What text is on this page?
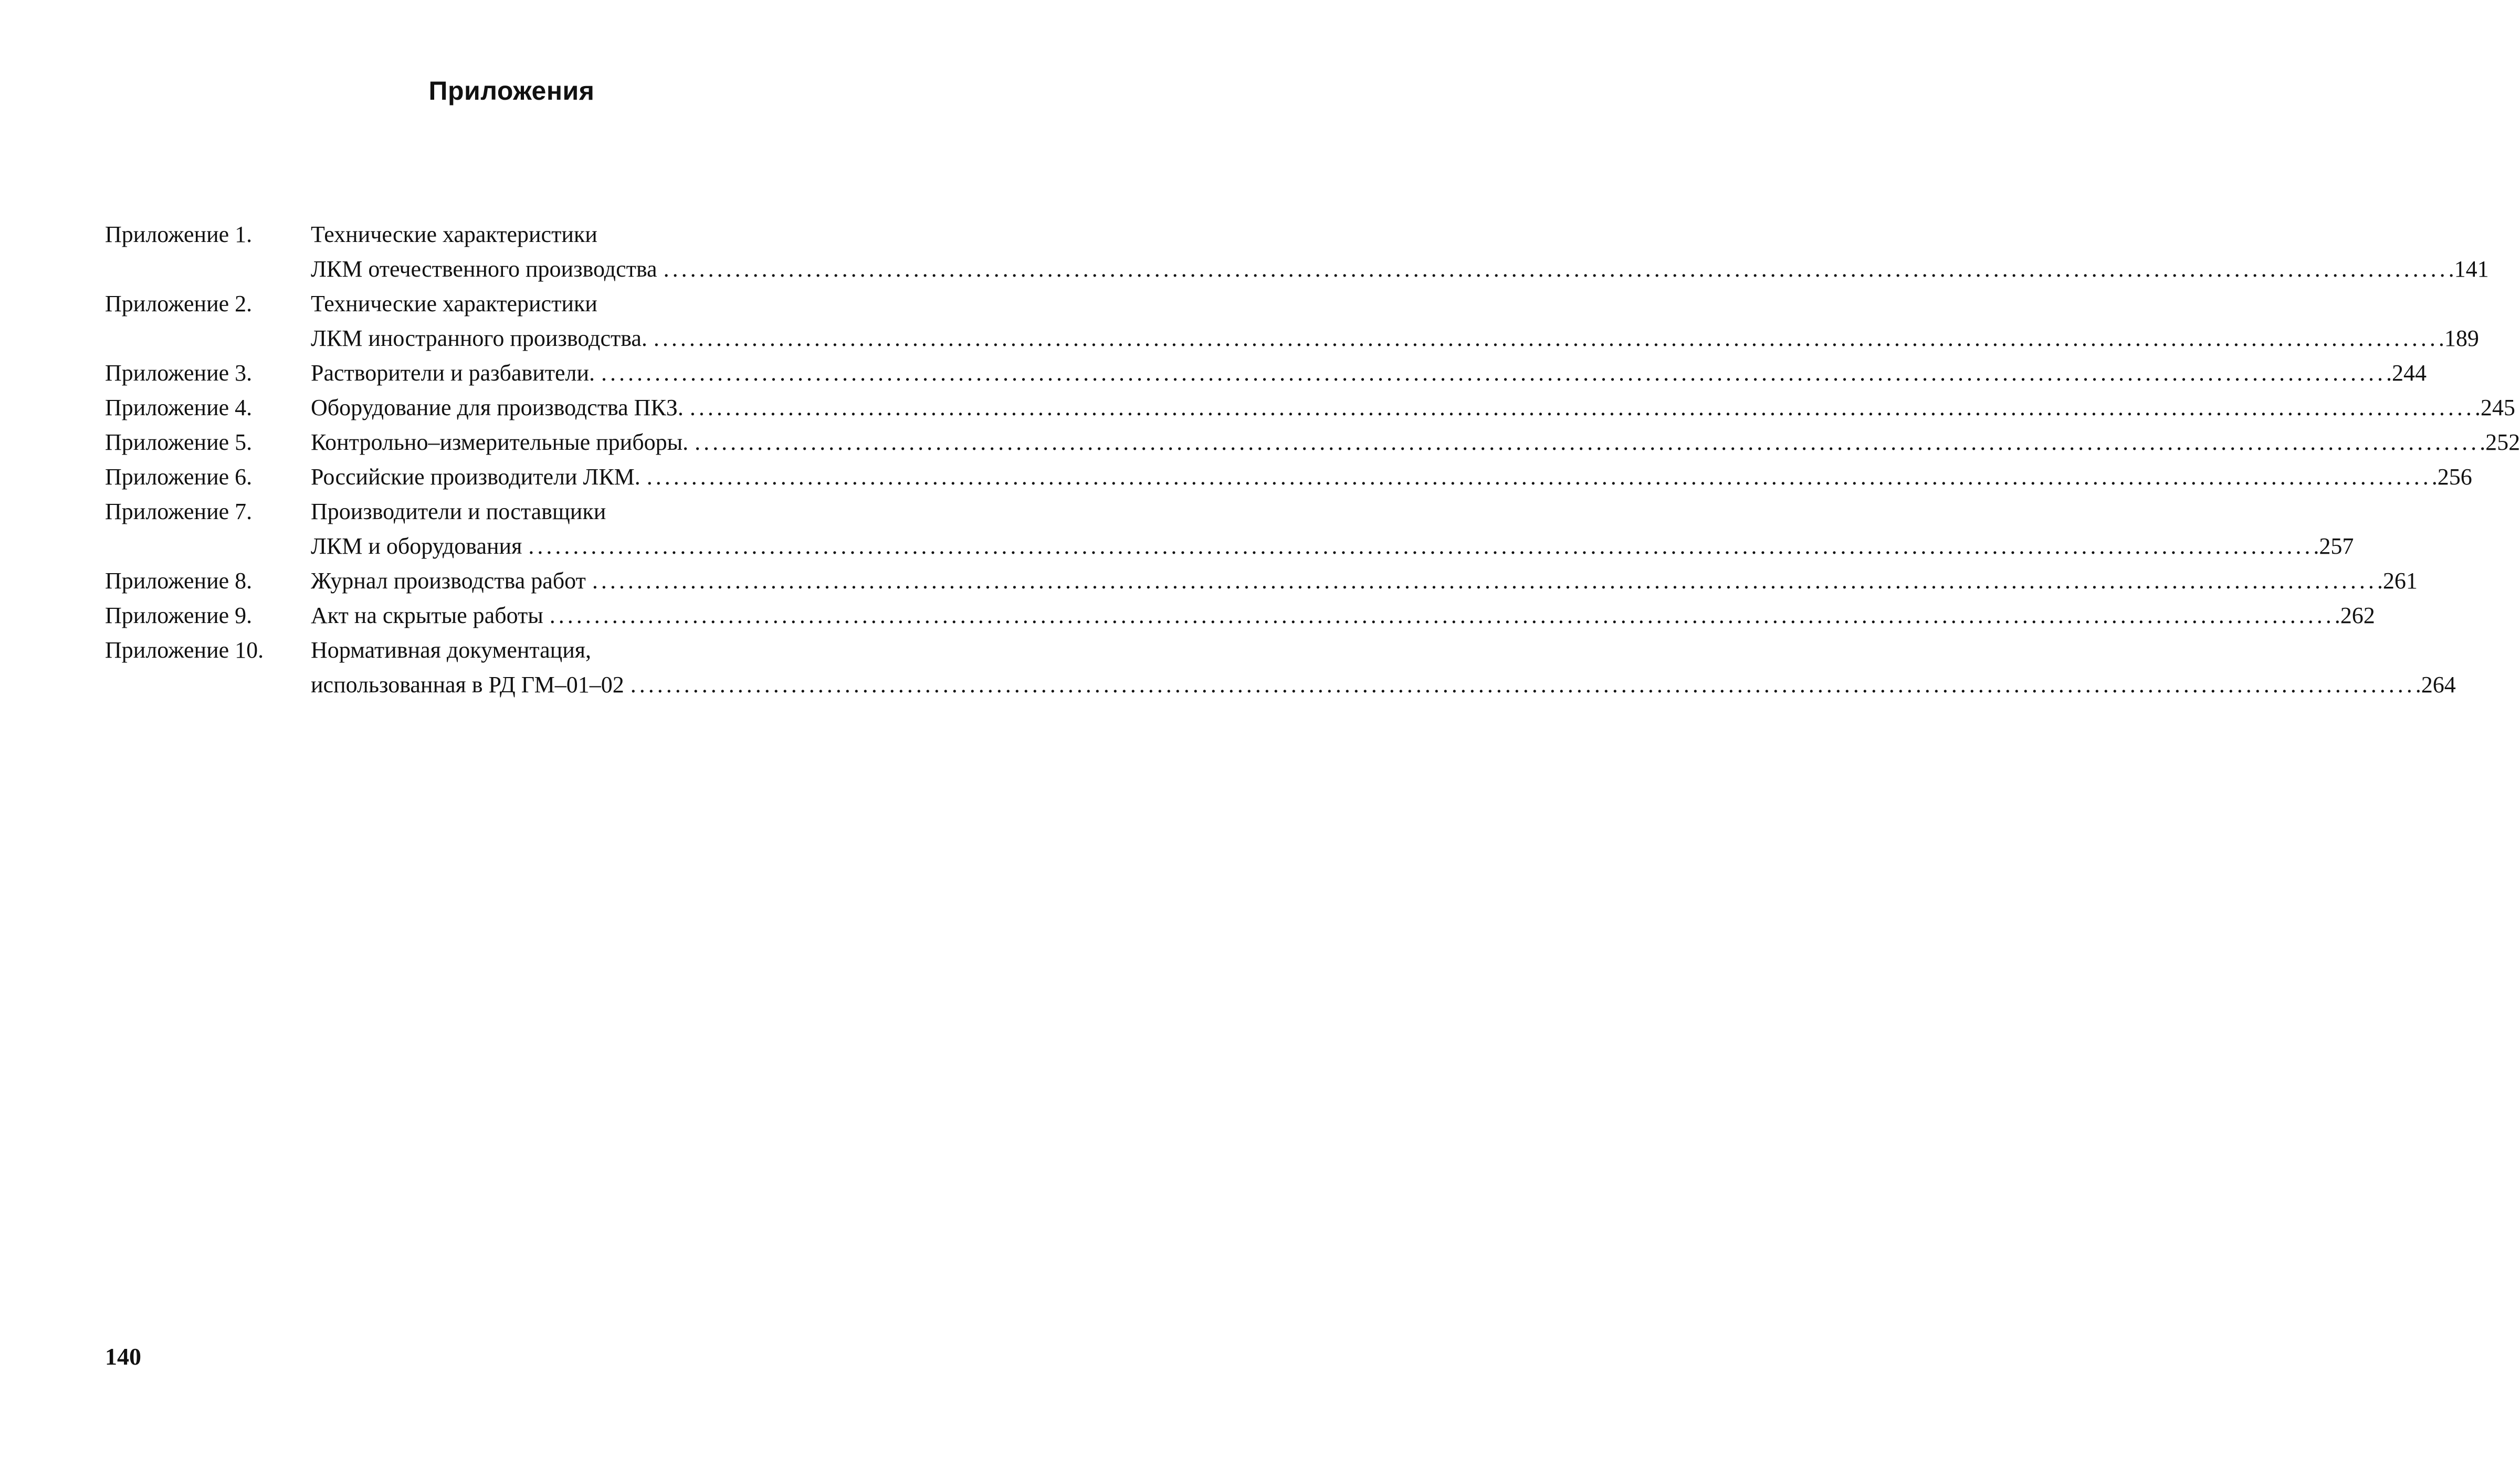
Приложения
Приложение 1.	Технические характеристики
ЛКМ отечественного производства ........................................................................................................................................................................................................ .141
Приложение 2.	Технические характеристики
ЛКМ иностранного производства. ........................................................................................................................................................................................................ .189
Приложение 3.	Растворители и разбавители. ........................................................................................................................................................................................................ .244
Приложение 4.	Оборудование для производства ПКЗ. ........................................................................................................................................................................................................ .245
Приложение 5.	Контрольно–измерительные приборы. ........................................................................................................................................................................................................ .252
Приложение 6.	Российские производители ЛКМ. ........................................................................................................................................................................................................ .256
Приложение 7.	Производители и поставщики
ЛКМ и оборудования ........................................................................................................................................................................................................ .257
Приложение 8.	Журнал производства работ ........................................................................................................................................................................................................ .261
Приложение 9.	Акт на скрытые работы ........................................................................................................................................................................................................ .262
Приложение 10.	Нормативная документация,
использованная в РД ГМ–01–02 ........................................................................................................................................................................................................ .264
140
